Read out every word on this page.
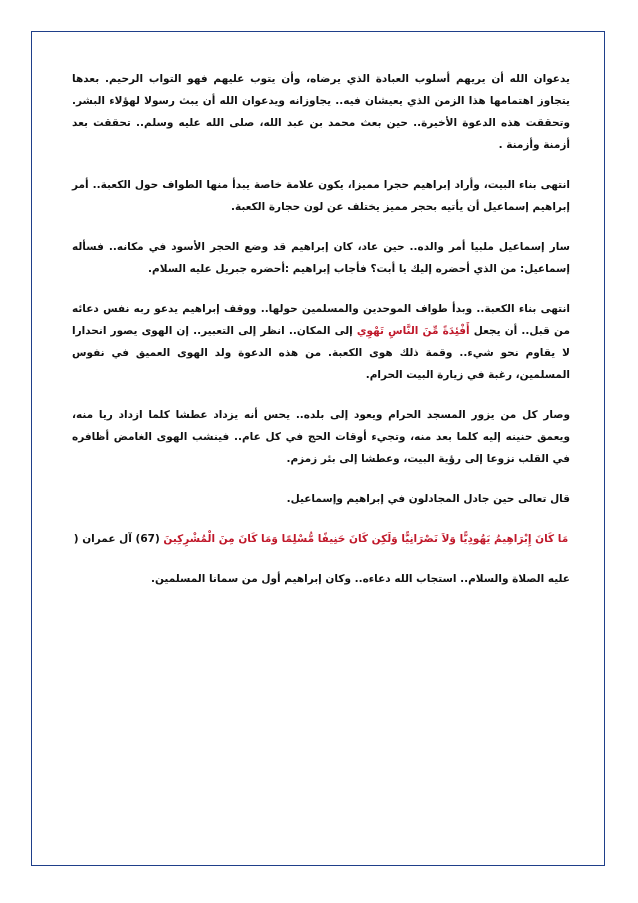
يدعوان الله أن يريهم أسلوب العبادة الذي يرضاه، وأن يتوب عليهم فهو التواب الرحيم. بعدها يتجاوز اهتمامها هذا الزمن الذي يعيشان فيه.. يجاوزانه ويدعوان الله أن يبث رسولا لهؤلاء البشر. وتحققت هذه الدعوة الأخيرة.. حين بعث محمد بن عبد الله، صلى الله عليه وسلم.. تحققت بعد أزمنة وأزمنة .

انتهى بناء البيت، وأراد إبراهيم حجرا مميزا، يكون علامة خاصة يبدأ منها الطواف حول الكعبة.. أمر إبراهيم إسماعيل أن يأتيه بحجر مميز يختلف عن لون حجارة الكعبة.

سار إسماعيل ملبيا أمر والده.. حين عاد، كان إبراهيم قد وضع الحجر الأسود في مكانه.. فسأله إسماعيل: من الذي أحضره إليك يا أبت؟ فأجاب إبراهيم :أحضره جبريل عليه السلام.

انتهى بناء الكعبة.. وبدأ طواف الموحدين والمسلمين حولها.. ووقف إبراهيم يدعو ربه نفس دعائه من قبل.. أن يجعل أَفْئِدَةً مِّنَ النَّاسِ تَهْوِي إلى المكان.. انظر إلى التعبير.. إن الهوى يصور انحدارا لا يقاوم نحو شيء.. وقمة ذلك هوى الكعبة. من هذه الدعوة ولد الهوى العميق في نفوس المسلمين، رغبة في زيارة البيت الحرام.

وصار كل من يزور المسجد الحرام ويعود إلى بلده.. يحس أنه يزداد عطشا كلما ازداد ريا منه، ويعمق حنينه إليه كلما بعد منه، وتجيء أوقات الحج في كل عام.. فينشب الهوى الغامض أظافره في القلب نزوعا إلى رؤية البيت، وعطشا إلى بئر زمزم.

قال تعالى حين جادل المجادلون في إبراهيم وإسماعيل.

مَا كَانَ إِبْرَاهِيمُ يَهُودِيًّا وَلاَ نَصْرَانِيًّا وَلَكِن كَانَ حَنِيفًا مُّسْلِمًا وَمَا كَانَ مِنَ الْمُشْرِكِينَ (67) آل عمران (

عليه الصلاة والسلام.. استجاب الله دعاءه.. وكان إبراهيم أول من سمانا المسلمين.
